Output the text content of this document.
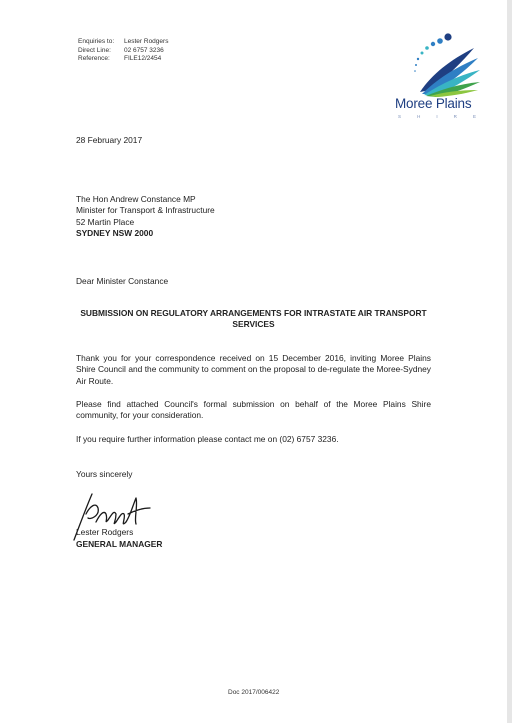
Enquiries to:	Lester Rodgers
Direct Line:	02 6757 3236
Reference:	FILE12/2454
Moree Plains
S	H	I	R	E
28 February 2017
The Hon Andrew Constance MP
Minister for Transport & Infrastructure
52 Martin Place
SYDNEY NSW 2000
Dear Minister Constance
SUBMISSION ON REGULATORY ARRANGEMENTS FOR INTRASTATE AIR TRANSPORT SERVICES
Thank you for your correspondence received on 15 December 2016, inviting Moree Plains Shire Council and the community to comment on the proposal to de-regulate the Moree-Sydney Air Route.
Please find attached Council's formal submission on behalf of the Moree Plains Shire community, for your consideration.
If you require further information please contact me on (02) 6757 3236.
Yours sincerely
Lester Rodgers
GENERAL MANAGER
Doc 2017/006422
